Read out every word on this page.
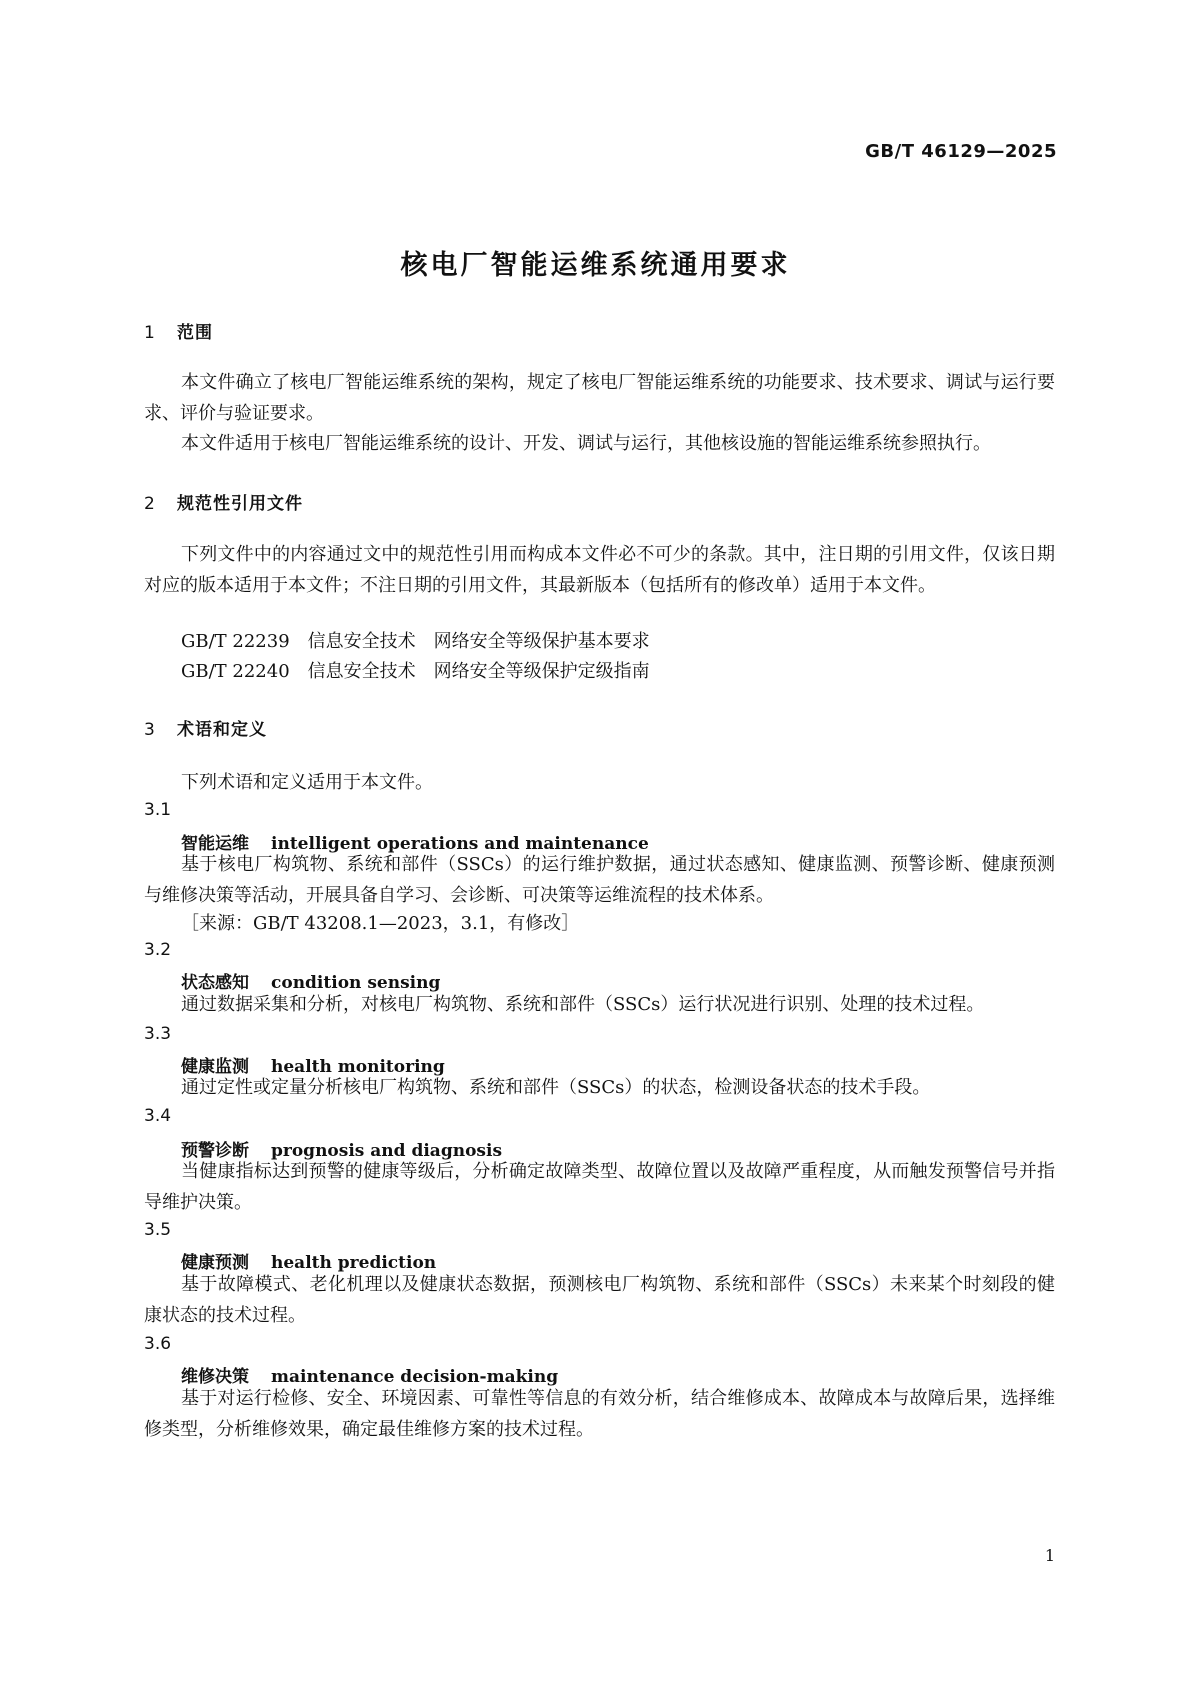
GB/T 46129—2025
核电厂智能运维系统通用要求
1 范围

本文件确立了核电厂智能运维系统的架构，规定了核电厂智能运维系统的功能要求、技术要求、调试与运行要求、评价与验证要求。

本文件适用于核电厂智能运维系统的设计、开发、调试与运行，其他核设施的智能运维系统参照执行。

2 规范性引用文件

下列文件中的内容通过文中的规范性引用而构成本文件必不可少的条款。其中，注日期的引用文件，仅该日期对应的版本适用于本文件；不注日期的引用文件，其最新版本（包括所有的修改单）适用于本文件。

GB/T 22239　信息安全技术　网络安全等级保护基本要求
GB/T 22240　信息安全技术　网络安全等级保护定级指南
3 术语和定义
下列术语和定义适用于本文件。
3.1
智能运维 intelligent operations and maintenance

基于核电厂构筑物、系统和部件（SSCs）的运行维护数据，通过状态感知、健康监测、预警诊断、健康预测与维修决策等活动，开展具备自学习、会诊断、可决策等运维流程的技术体系。

［来源：GB/T 43208.1—2023，3.1，有修改］
3.2
状态感知 condition sensing

通过数据采集和分析，对核电厂构筑物、系统和部件（SSCs）运行状况进行识别、处理的技术过程。

3.3
健康监测 health monitoring

通过定性或定量分析核电厂构筑物、系统和部件（SSCs）的状态，检测设备状态的技术手段。

3.4
预警诊断 prognosis and diagnosis

当健康指标达到预警的健康等级后，分析确定故障类型、故障位置以及故障严重程度，从而触发预警信号并指导维护决策。

3.5
健康预测 health prediction

基于故障模式、老化机理以及健康状态数据，预测核电厂构筑物、系统和部件（SSCs）未来某个时刻段的健康状态的技术过程。

3.6
维修决策 maintenance decision-making

基于对运行检修、安全、环境因素、可靠性等信息的有效分析，结合维修成本、故障成本与故障后果，选择维修类型，分析维修效果，确定最佳维修方案的技术过程。

1
